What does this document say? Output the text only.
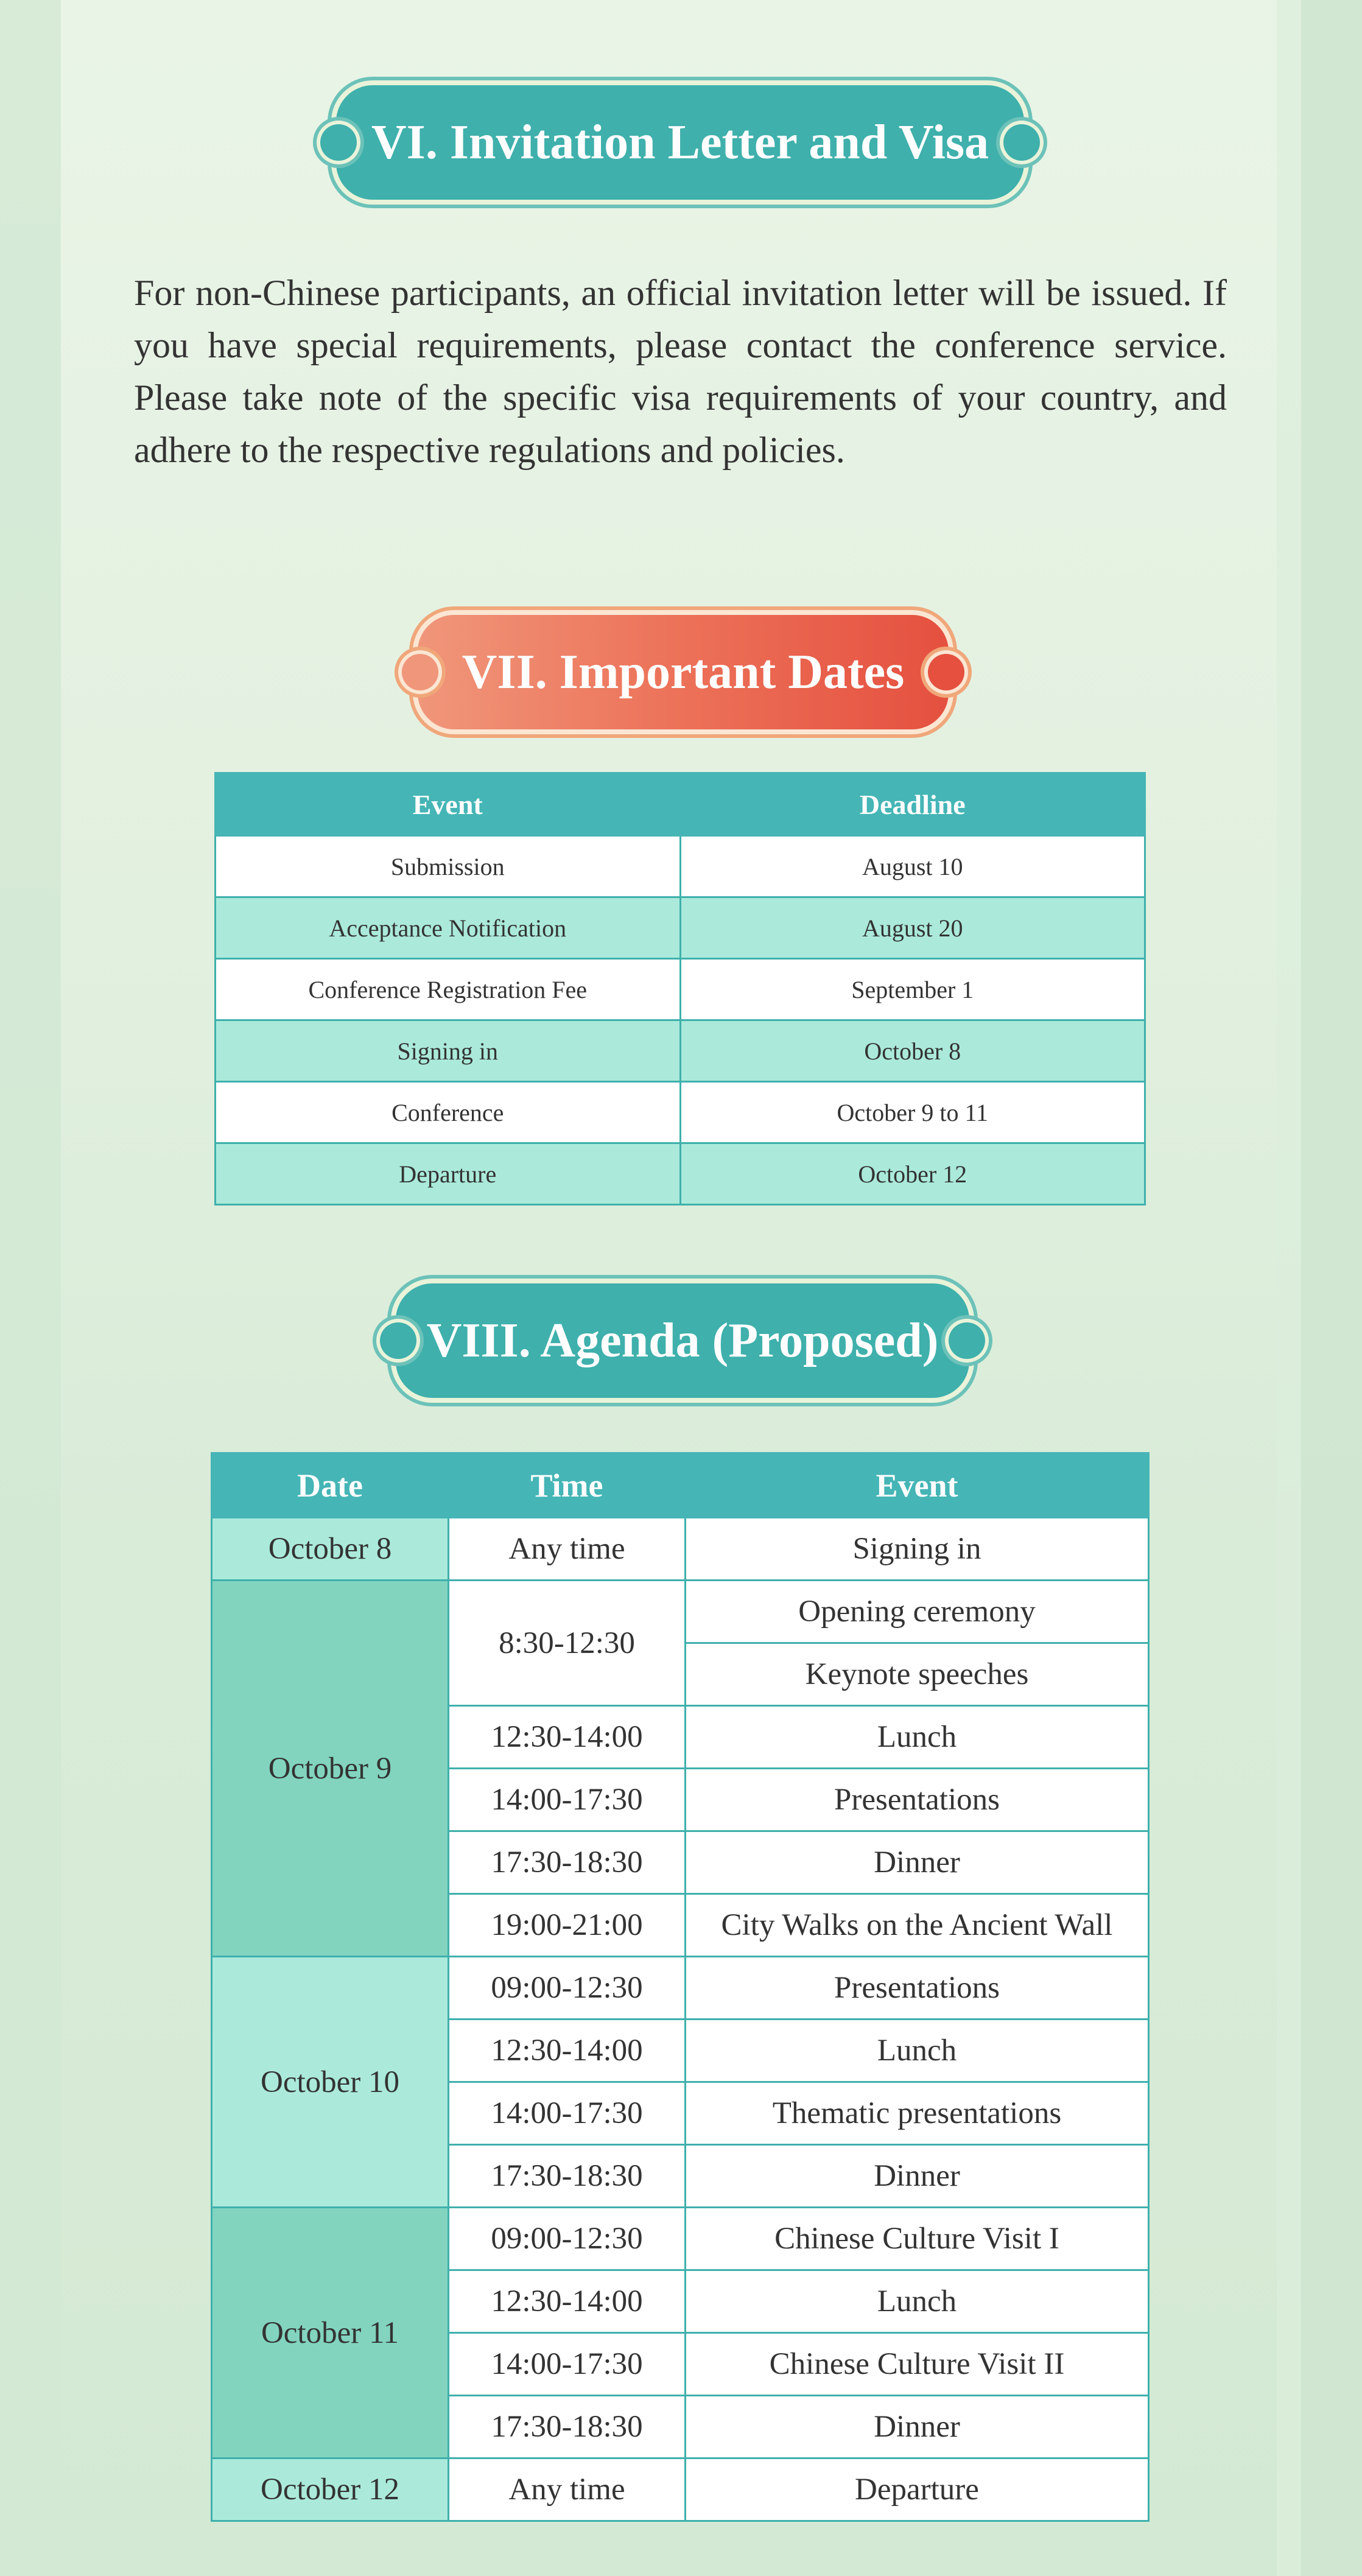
VI. Invitation Letter and Visa
For non-Chinese participants, an official invitation letter will be issued. If you have special requirements, please contact the conference service. Please take note of the specific visa requirements of your country, and adhere to the respective regulations and policies.
VII. Important Dates
Event	Deadline
Submission	August 10
Acceptance Notification	August 20
Conference Registration Fee	September 1
Signing in	October 8
Conference	October 9 to 11
Departure	October 12
VIII. Agenda (Proposed)
Date	Time	Event
October 8	Any time	Signing in
October 9	8:30-12:30	Opening ceremony
		Keynote speeches
	12:30-14:00	Lunch
	14:00-17:30	Presentations
	17:30-18:30	Dinner
	19:00-21:00	City Walks on the Ancient Wall
October 10	09:00-12:30	Presentations
	12:30-14:00	Lunch
	14:00-17:30	Thematic presentations
	17:30-18:30	Dinner
October 11	09:00-12:30	Chinese Culture Visit I
	12:30-14:00	Lunch
	14:00-17:30	Chinese Culture Visit II
	17:30-18:30	Dinner
October 12	Any time	Departure
